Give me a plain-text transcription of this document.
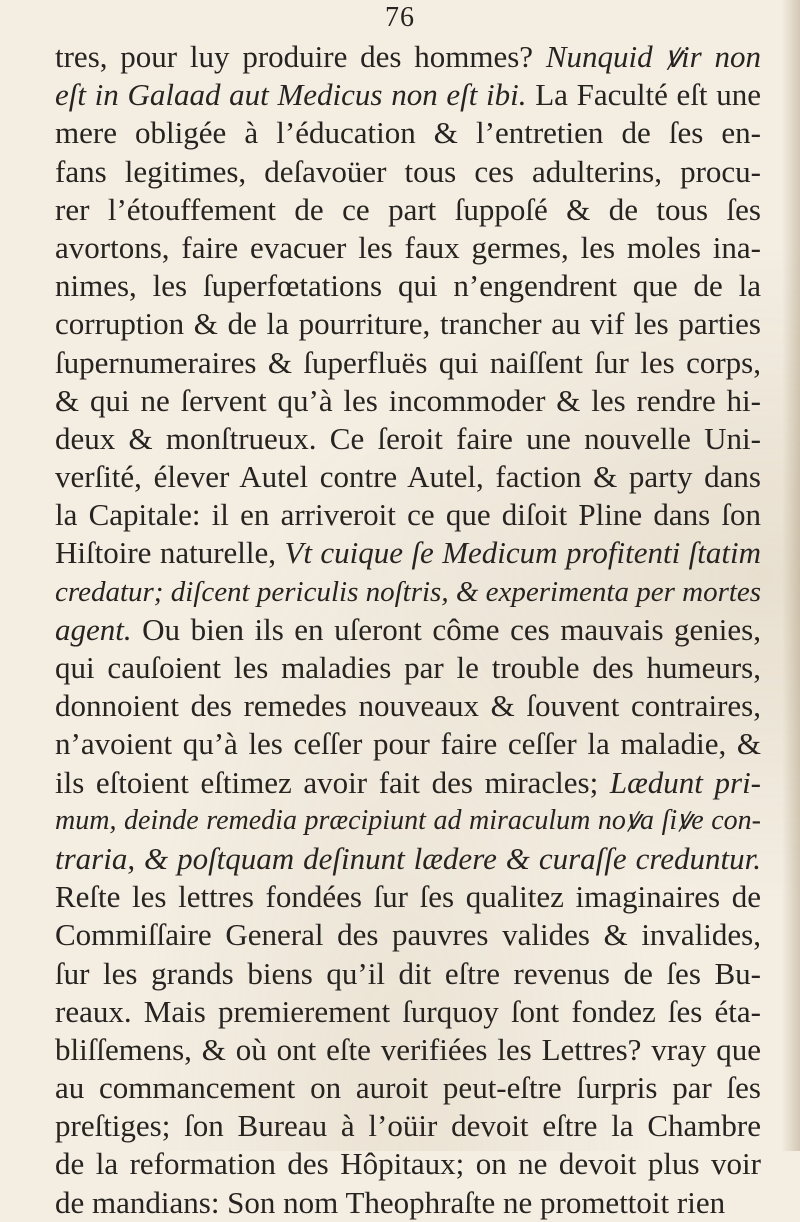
76
tres, pour luy produire des hommes? Nunquid ꝟir non
eſt in Galaad aut Medicus non eſt ibi. La Faculté eſt une
mere obligée à l’éducation & l’entretien de ſes en-
fans legitimes, deſavoüer tous ces adulterins, procu-
rer l’étouffement de ce part ſuppoſé & de tous ſes
avortons, faire evacuer les faux germes, les moles ina-
nimes, les ſuperfœtations qui n’engendrent que de la
corruption & de la pourriture, trancher au vif les parties
ſupernumeraires & ſuperfluës qui naiſſent ſur les corps,
& qui ne ſervent qu’à les incommoder & les rendre hi-
deux & monſtrueux. Ce ſeroit faire une nouvelle Uni-
verſité, élever Autel contre Autel, faction & party dans
la Capitale: il en arriveroit ce que diſoit Pline dans ſon
Hiſtoire naturelle, Vt cuique ſe Medicum profitenti ſtatim
credatur; diſcent periculis noſtris, & experimenta per mortes
agent. Ou bien ils en uſeront côme ces mauvais genies,
qui cauſoient les maladies par le trouble des humeurs,
donnoient des remedes nouveaux & ſouvent contraires,
n’avoient qu’à les ceſſer pour faire ceſſer la maladie, &
ils eſtoient eſtimez avoir fait des miracles; Lædunt pri-
mum, deinde remedia præcipiunt ad miraculum noꝟa ſiꝟe con-
traria, & poſtquam deſinunt lædere & curaſſe creduntur.
Reſte les lettres fondées ſur ſes qualitez imaginaires de
Commiſſaire General des pauvres valides & invalides,
ſur les grands biens qu’il dit eſtre revenus de ſes Bu-
reaux. Mais premierement ſurquoy ſont fondez ſes éta-
bliſſemens, & où ont eſte verifiées les Lettres? vray que
au commancement on auroit peut-eſtre ſurpris par ſes
preſtiges; ſon Bureau à l’oüir devoit eſtre la Chambre
de la reformation des Hôpitaux; on ne devoit plus voir
de mandians: Son nom Theophraſte ne promettoit rien
